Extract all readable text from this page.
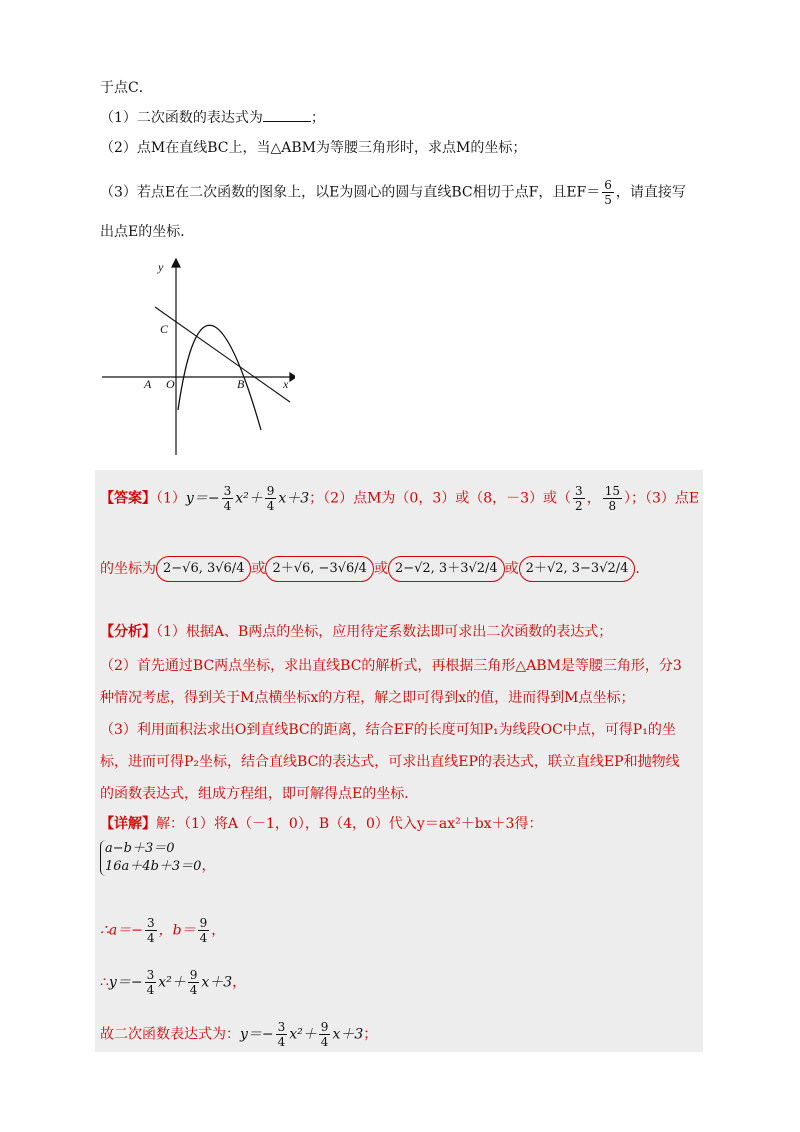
于点C．
（1）二次函数的表达式为	；
（2）点M在直线BC上，当△ABM为等腰三角形时，求点M的坐标；
（3）若点E在二次函数的图象上，以E为圆心的圆与直线BC相切于点F，且$EF= \frac{6}{5}$ ，请直接写
出点E的坐标．
y
x
C
A O	B
【答案】$(1)y=- \frac{3}{4} x^2+ \frac{9}{4} x+3$；（2）点M为（0，3）或（8，－3）或（ $\frac{3}{2}$ ， $\frac{15}{8}$ ）；（3）点E
的坐标为 2−√6, 3√6/4 或 2＋√6, −3√6/4 或 2−√2, 3＋3√2/4 或 2＋√2, 3−3√2/4 ．
【分析】（1）根据A、B两点的坐标，应用待定系数法即可求出二次函数的表达式；
（2）首先通过BC两点坐标，求出直线BC的解析式，再根据三角形△ABM是等腰三角形，分3
种情况考虑，得到关于M点横坐标x的方程，解之即可得到x的值，进而得到M点坐标；
（3）利用面积法求出O到直线BC的距离，结合EF的长度可知P₁为线段OC中点，可得P₁的坐
标，进而可得P₂坐标，结合直线BC的表达式，可求出直线EP的表达式，联立直线EP和抛物线
的函数表达式，组成方程组，即可解得点E的坐标．
【详解】解：（1）将A（－1，0），B（4，0）代入y＝ax²＋bx＋3得：
a−b＋3＝0
16a＋4b＋3＝0，
∴a＝− $\frac{3}{4}$ ，$b= \frac{9}{4}$ ，
∴y＝− $\frac{3}{4} x^2+ \frac{9}{4} x+3$，
故二次函数表达式为：$y=- \frac{3}{4} x^2+ \frac{9}{4} x+3$；
